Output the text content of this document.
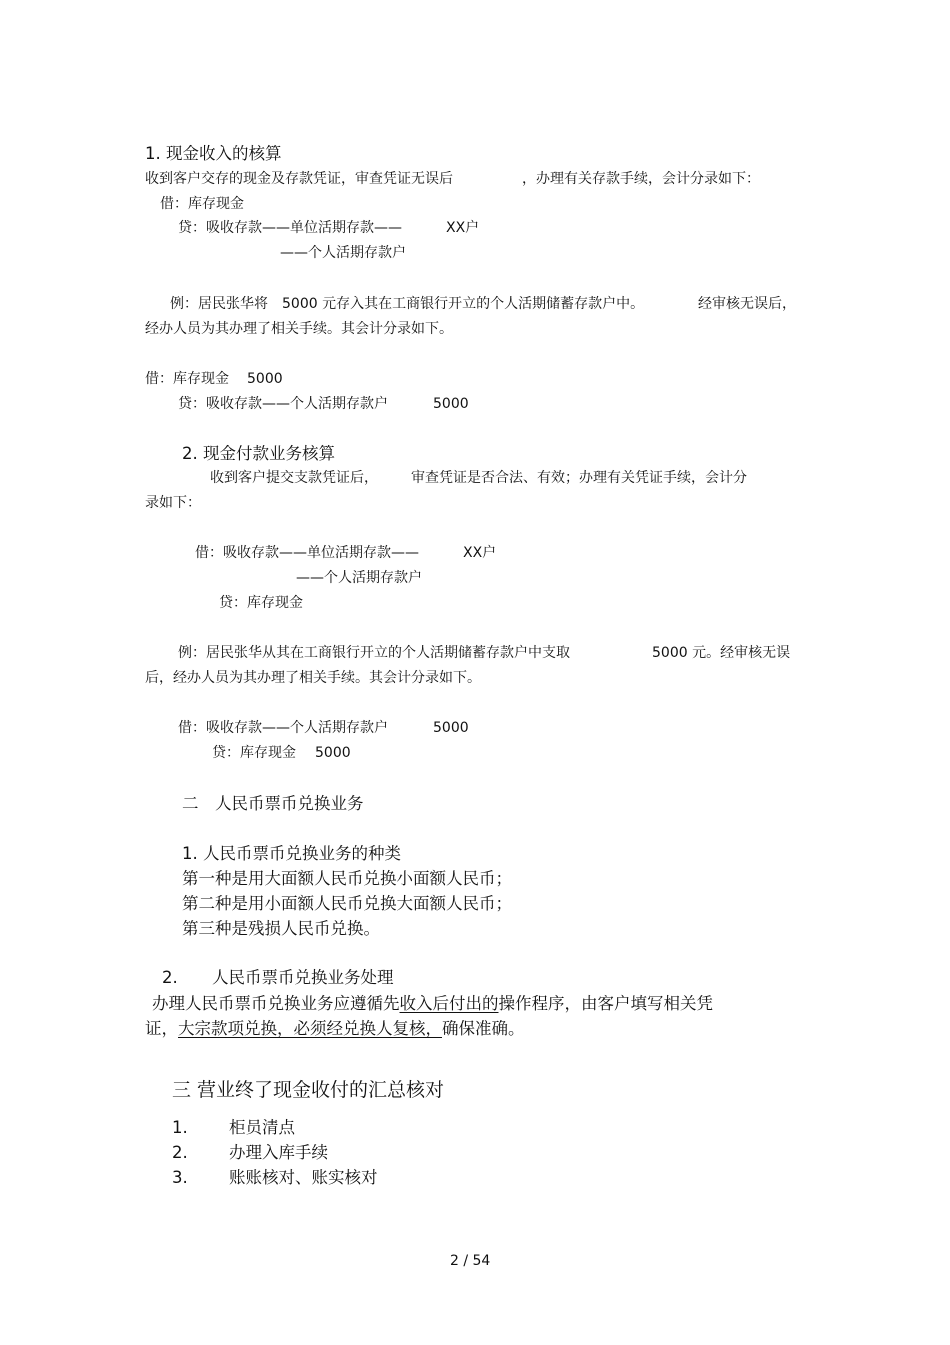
1. 现金收入的核算
收到客户交存的现金及存款凭证，审查凭证无误后	，办理有关存款手续，会计分录如下：
借：库存现金
贷：吸收存款——单位活期存款——	XX户
——个人活期存款户
例：居民张华将 5000 元存入其在工商银行开立的个人活期储蓄存款户中。	经审核无误后，
经办人员为其办理了相关手续。其会计分录如下。
借：库存现金 5000
贷：吸收存款——个人活期存款户	5000
2. 现金付款业务核算
收到客户提交支款凭证后， 审查凭证是否合法、有效；办理有关凭证手续，会计分
录如下：
借：吸收存款——单位活期存款——	XX户
——个人活期存款户
贷：库存现金
例：居民张华从其在工商银行开立的个人活期储蓄存款户中支取	5000 元。经审核无误
后，经办人员为其办理了相关手续。其会计分录如下。
借：吸收存款——个人活期存款户	5000
贷：库存现金 5000
二　人民币票币兑换业务
1. 人民币票币兑换业务的种类
第一种是用大面额人民币兑换小面额人民币；
第二种是用小面额人民币兑换大面额人民币；
第三种是残损人民币兑换。
2. 人民币票币兑换业务处理
办理人民币票币兑换业务应遵循先收入后付出的操作程序，由客户填写相关凭
证，大宗款项兑换，必须经兑换人复核，确保准确。
三 营业终了现金收付的汇总核对
1.	柜员清点
2.	办理入库手续
3.	账账核对、账实核对
2 / 54
